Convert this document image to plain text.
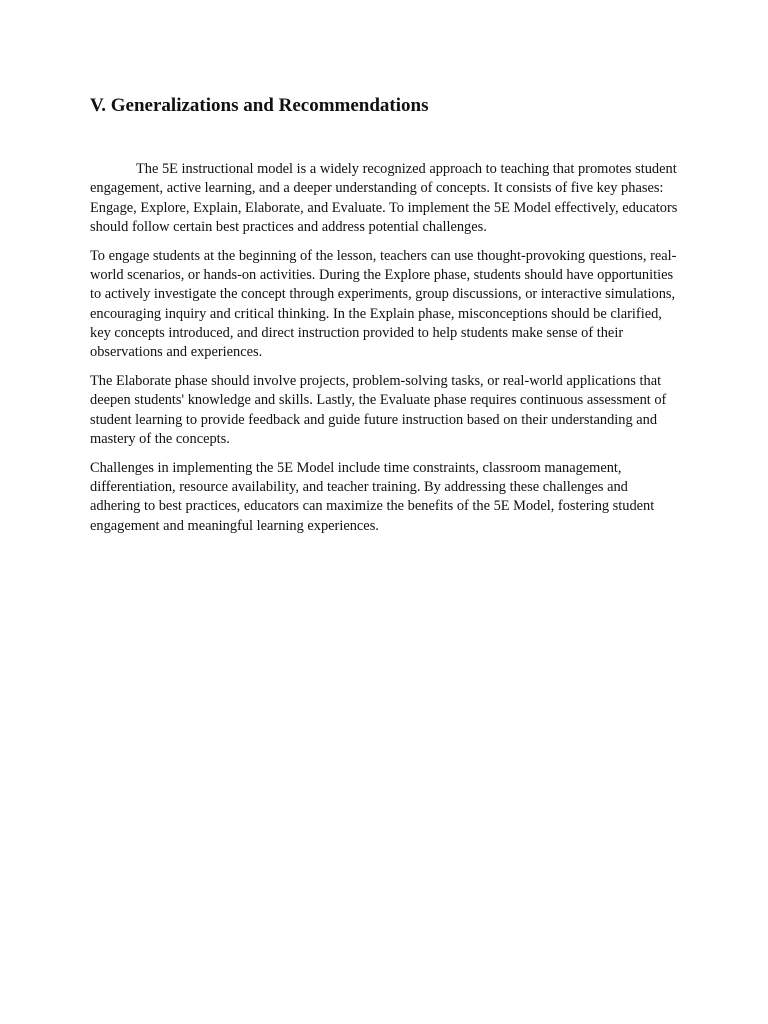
V. Generalizations and Recommendations

The 5E instructional model is a widely recognized approach to teaching that promotes student engagement, active learning, and a deeper understanding of concepts. It consists of five key phases: Engage, Explore, Explain, Elaborate, and Evaluate. To implement the 5E Model effectively, educators should follow certain best practices and address potential challenges.

To engage students at the beginning of the lesson, teachers can use thought-provoking questions, real-world scenarios, or hands-on activities. During the Explore phase, students should have opportunities to actively investigate the concept through experiments, group discussions, or interactive simulations, encouraging inquiry and critical thinking. In the Explain phase, misconceptions should be clarified, key concepts introduced, and direct instruction provided to help students make sense of their observations and experiences.

The Elaborate phase should involve projects, problem-solving tasks, or real-world applications that deepen students' knowledge and skills. Lastly, the Evaluate phase requires continuous assessment of student learning to provide feedback and guide future instruction based on their understanding and mastery of the concepts.

Challenges in implementing the 5E Model include time constraints, classroom management, differentiation, resource availability, and teacher training. By addressing these challenges and adhering to best practices, educators can maximize the benefits of the 5E Model, fostering student engagement and meaningful learning experiences.
